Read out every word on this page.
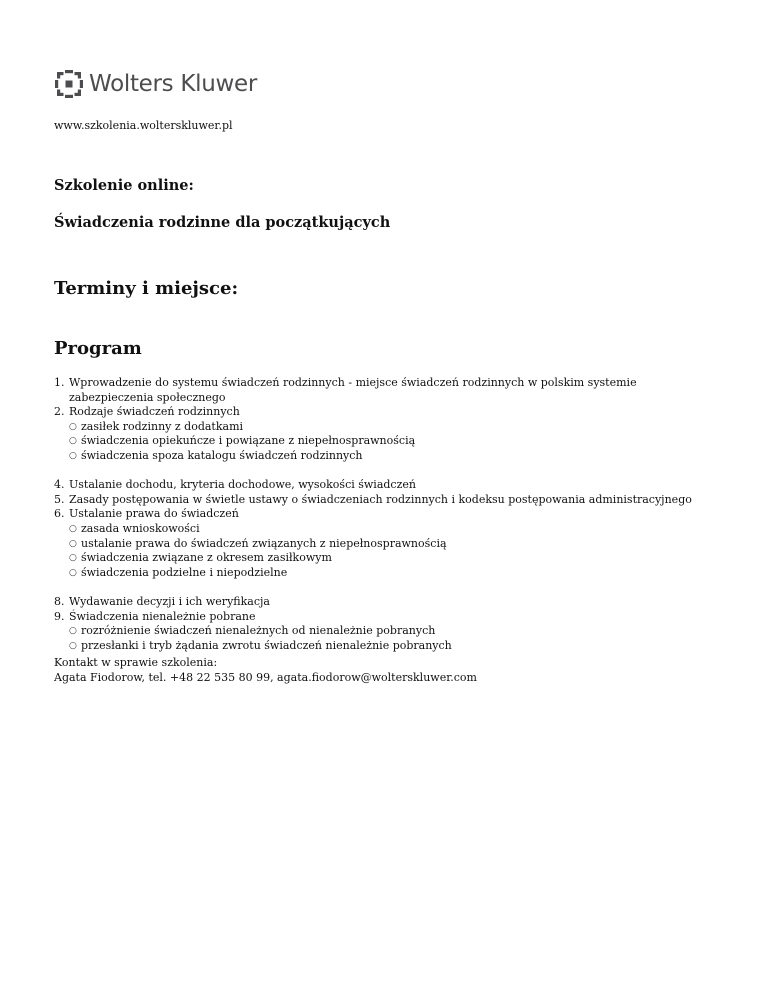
Wolters Kluwer
www.szkolenia.wolterskluwer.pl
Szkolenie online:
Świadczenia rodzinne dla początkujących
Terminy i miejsce:
Program
1. Wprowadzenie do systemu świadczeń rodzinnych - miejsce świadczeń rodzinnych w polskim systemie zabezpieczenia społecznego
2. Rodzaje świadczeń rodzinnych
○ zasiłek rodzinny z dodatkami
○ świadczenia opiekuńcze i powiązane z niepełnosprawnością
○ świadczenia spoza katalogu świadczeń rodzinnych
4. Ustalanie dochodu, kryteria dochodowe, wysokości świadczeń
5. Zasady postępowania w świetle ustawy o świadczeniach rodzinnych i kodeksu postępowania administracyjnego
6. Ustalanie prawa do świadczeń
○ zasada wnioskowości
○ ustalanie prawa do świadczeń związanych z niepełnosprawnością
○ świadczenia związane z okresem zasiłkowym
○ świadczenia podzielne i niepodzielne
8. Wydawanie decyzji i ich weryfikacja
9. Świadczenia nienależnie pobrane
○ rozróżnienie świadczeń nienależnych od nienależnie pobranych
○ przesłanki i tryb żądania zwrotu świadczeń nienależnie pobranych
Kontakt w sprawie szkolenia:
Agata Fiodorow, tel. +48 22 535 80 99, agata.fiodorow@wolterskluwer.com
